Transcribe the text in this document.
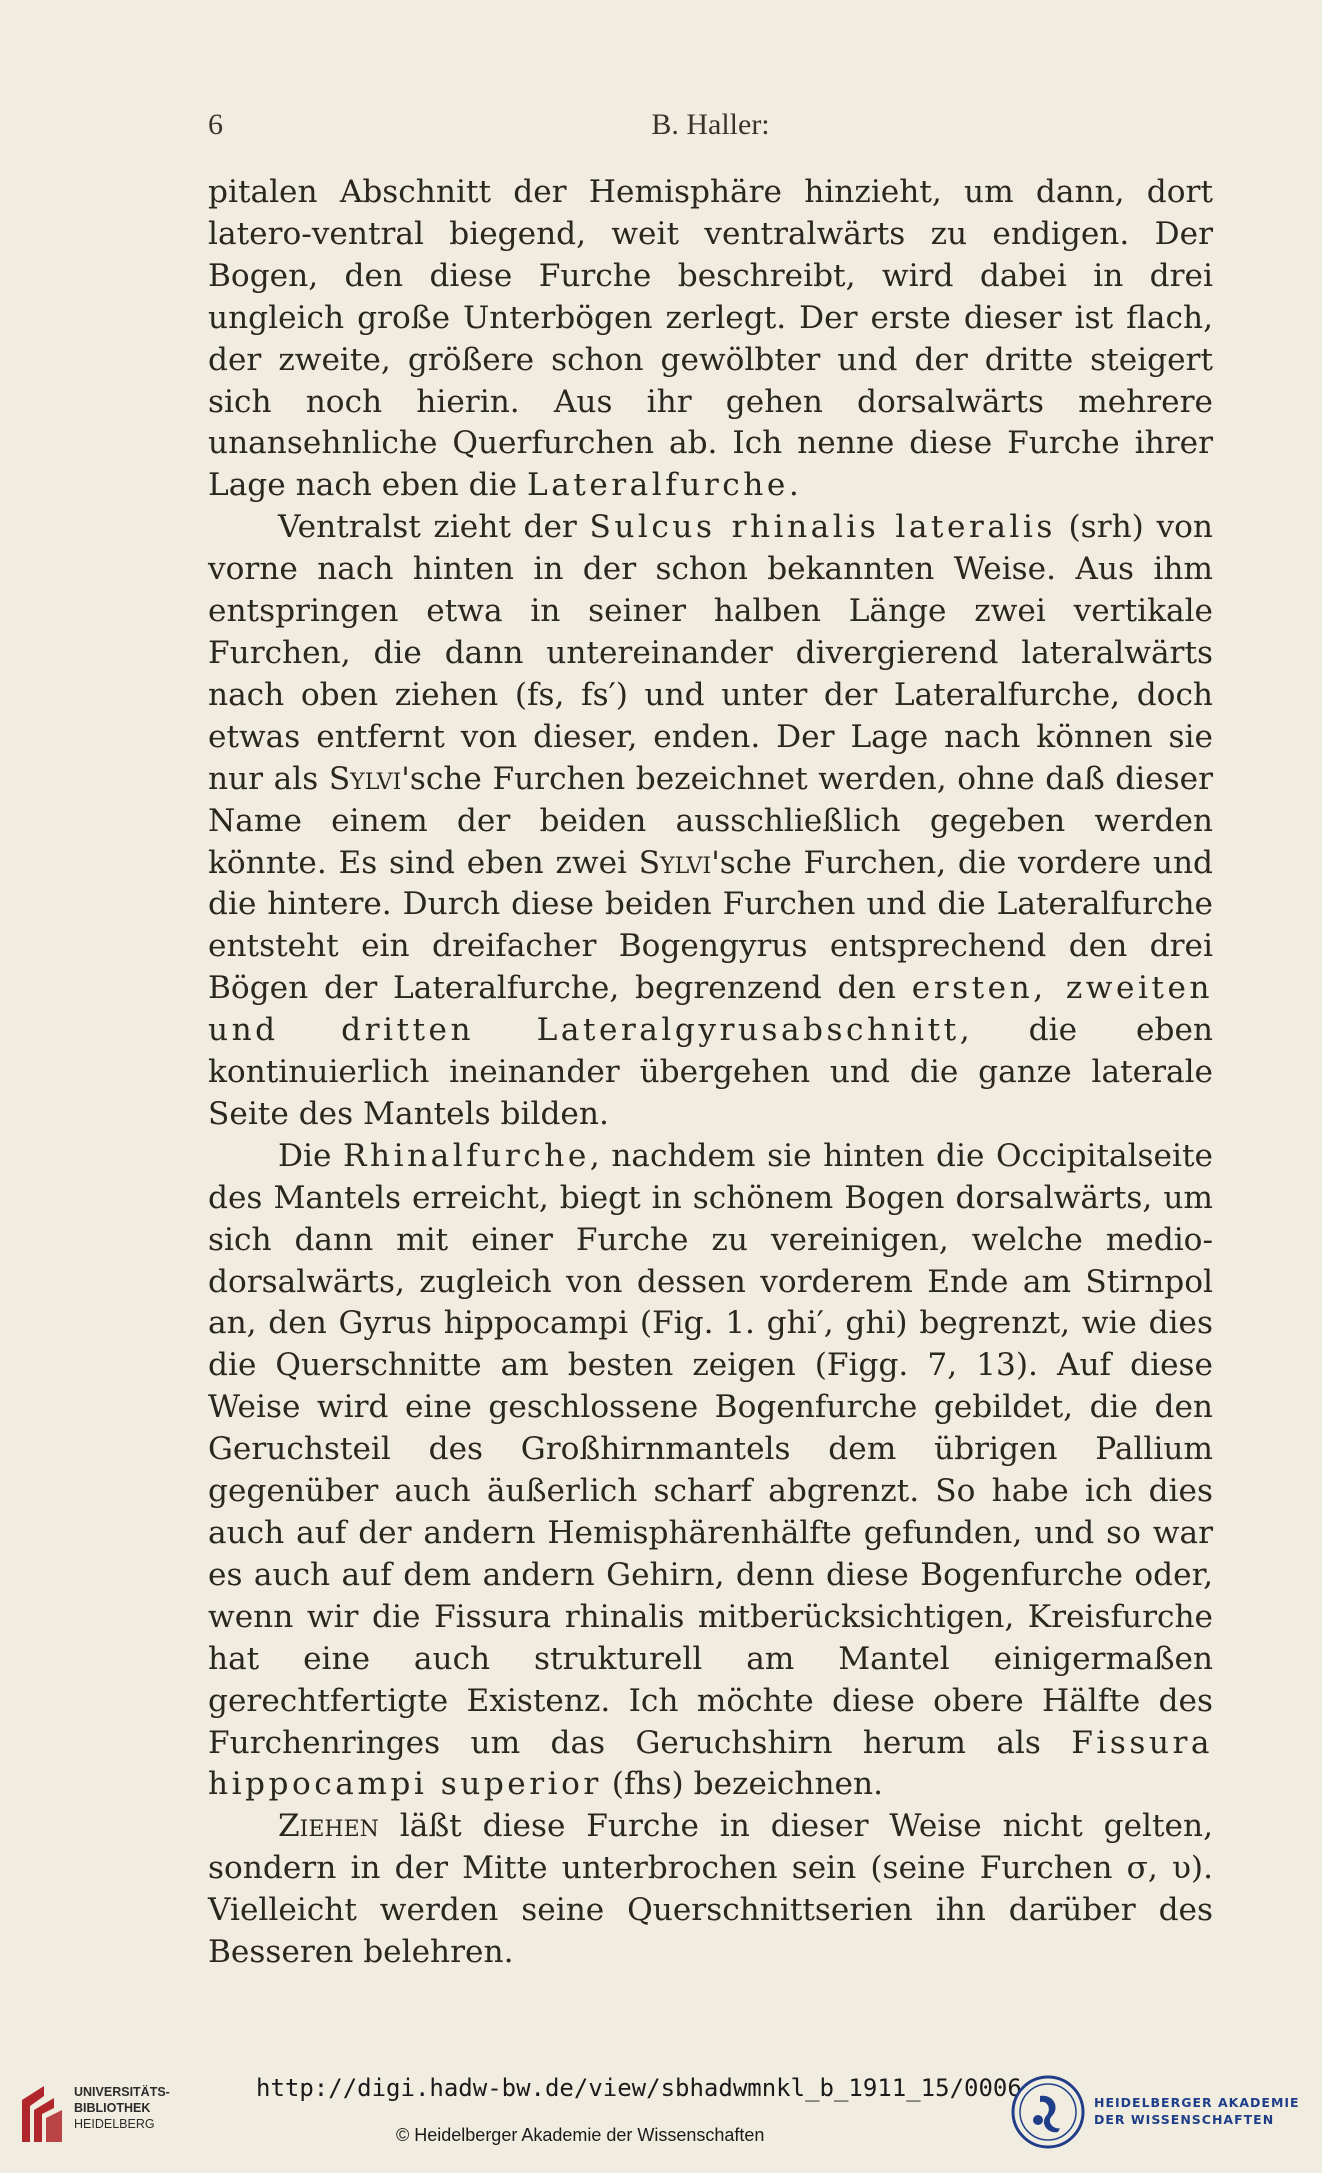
6	B. Haller:

pitalen Abschnitt der Hemisphäre hinzieht, um dann, dort latero-ventral biegend, weit ventralwärts zu endigen. Der Bogen, den diese Furche beschreibt, wird dabei in drei ungleich große Unterbögen zerlegt. Der erste dieser ist flach, der zweite, größere schon gewölbter und der dritte steigert sich noch hierin. Aus ihr gehen dorsalwärts mehrere unansehnliche Querfurchen ab. Ich nenne diese Furche ihrer Lage nach eben die Lateralfurche.

Ventralst zieht der Sulcus rhinalis lateralis (srh) von vorne nach hinten in der schon bekannten Weise. Aus ihm entspringen etwa in seiner halben Länge zwei vertikale Furchen, die dann untereinander divergierend lateralwärts nach oben ziehen (fs, fs′) und unter der Lateralfurche, doch etwas entfernt von dieser, enden. Der Lage nach können sie nur als Sylvi'sche Furchen bezeichnet werden, ohne daß dieser Name einem der beiden ausschließlich gegeben werden könnte. Es sind eben zwei Sylvi'sche Furchen, die vordere und die hintere. Durch diese beiden Furchen und die Lateralfurche entsteht ein dreifacher Bogengyrus entsprechend den drei Bögen der Lateralfurche, begrenzend den ersten, zweiten und dritten Lateralgyrusabschnitt, die eben kontinuierlich ineinander übergehen und die ganze laterale Seite des Mantels bilden.

Die Rhinalfurche, nachdem sie hinten die Occipitalseite des Mantels erreicht, biegt in schönem Bogen dorsalwärts, um sich dann mit einer Furche zu vereinigen, welche medio-dorsalwärts, zugleich von dessen vorderem Ende am Stirnpol an, den Gyrus hippocampi (Fig. 1. ghi′, ghi) begrenzt, wie dies die Querschnitte am besten zeigen (Figg. 7, 13). Auf diese Weise wird eine geschlossene Bogenfurche gebildet, die den Geruchsteil des Großhirnmantels dem übrigen Pallium gegenüber auch äußerlich scharf abgrenzt. So habe ich dies auch auf der andern Hemisphärenhälfte gefunden, und so war es auch auf dem andern Gehirn, denn diese Bogenfurche oder, wenn wir die Fissura rhinalis mitberücksichtigen, Kreisfurche hat eine auch strukturell am Mantel einigermaßen gerechtfertigte Existenz. Ich möchte diese obere Hälfte des Furchenringes um das Geruchshirn herum als Fissura hippocampi superior (fhs) bezeichnen.

Ziehen läßt diese Furche in dieser Weise nicht gelten, sondern in der Mitte unterbrochen sein (seine Furchen σ, υ). Vielleicht werden seine Querschnittserien ihn darüber des Besseren belehren.

UNIVERSITÄTS-
BIBLIOTHEK
HEIDELBERG
http://digi.hadw-bw.de/view/sbhadwmnkl_b_1911_15/0006
© Heidelberger Akademie der Wissenschaften
HEIDELBERGER AKADEMIE
DER WISSENSCHAFTEN
